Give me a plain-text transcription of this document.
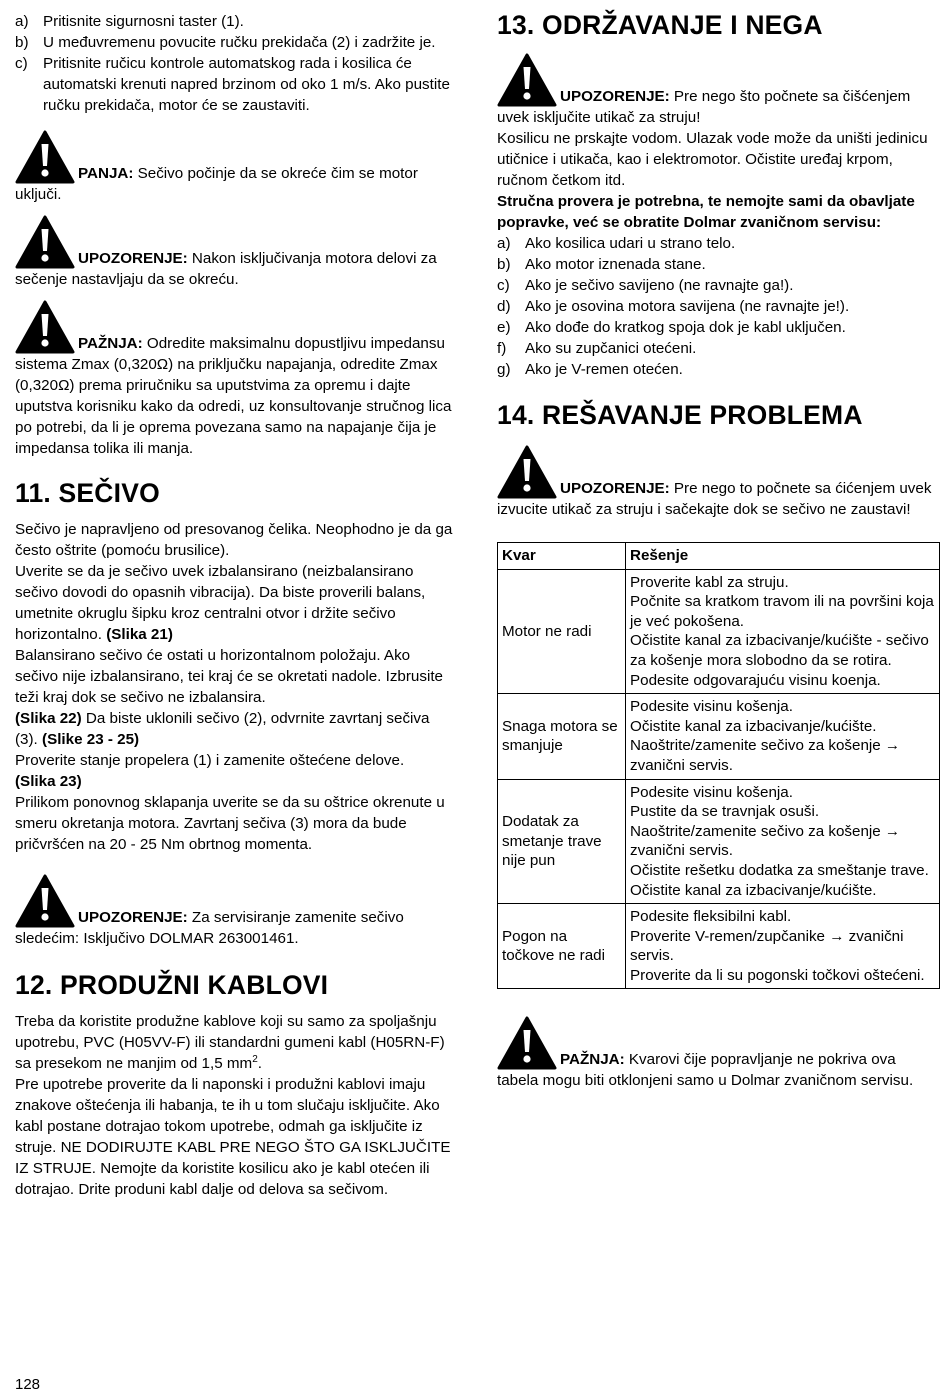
a) Pritisnite sigurnosni taster (1).
b) U međuvremenu povucite ručku prekidača (2) i zadržite je.
c)	Pritisnite ručicu kontrole automatskog rada i kosilica će automatski krenuti napred brzinom od oko 1 m/s. Ako pustite ručku prekidača, motor će se zaustaviti.
PANJA: Sečivo počinje da se okreće čim se motor uključi.
UPOZORENJE: Nakon isključivanja motora delovi za sečenje nastavljaju da se okreću.
PAŽNJA: Odredite maksimalnu dopustljivu impedansu sistema Zmax (0,320Ω) na priključku napajanja, odredite Zmax (0,320Ω) prema priručniku sa uputstvima za opremu i dajte uputstva korisniku kako da odredi, uz konsultovanje stručnog lica po potrebi, da li je oprema povezana samo na napajanje čija je impedansa tolika ili manja.
11. SEČIVO

Sečivo je napravljeno od presovanog čelika. Neophodno je da ga često oštrite (pomoću brusilice).

Uverite se da je sečivo uvek izbalansirano (neizbalansirano sečivo dovodi do opasnih vibracija). Da biste proverili balans, umetnite okruglu šipku kroz centralni otvor i držite sečivo horizontalno. (Slika 21)

Balansirano sečivo će ostati u horizontalnom položaju. Ako sečivo nije izbalansirano, tei kraj će se okretati nadole. Izbrusite teži kraj dok se sečivo ne izbalansira.

(Slika 22) Da biste uklonili sečivo (2), odvrnite zavrtanj sečiva (3). (Slike 23 - 25)

Proverite stanje propelera (1) i zamenite oštećene delove.

(Slika 23)

Prilikom ponovnog sklapanja uverite se da su oštrice okrenute u smeru okretanja motora. Zavrtanj sečiva (3) mora da bude pričvršćen na 20 - 25 Nm obrtnog momenta.

UPOZORENJE: Za servisiranje zamenite sečivo sledećim: Isključivo DOLMAR 263001461.
12. PRODUŽNI KABLOVI

Treba da koristite produžne kablove koji su samo za spoljašnju upotrebu, PVC (H05VV-F) ili standardni gumeni kabl (H05RN-F) sa presekom ne manjim od 1,5 $mm^2$.

Pre upotrebe proverite da li naponski i produžni kablovi imaju znakove oštećenja ili habanja, te ih u tom slučaju isključite. Ako kabl postane dotrajao tokom upotrebe, odmah ga isključite iz struje. NE DODIRUJTE KABL PRE NEGO ŠTO GA ISKLJUČITE IZ STRUJE. Nemojte da koristite kosilicu ako je kabl otećen ili dotrajao. Drite produni kabl dalje od delova sa sečivom.

13. ODRŽAVANJE I NEGA
UPOZORENJE: Pre nego što počnete sa čišćenjem uvek isključite utikač za struju!

Kosilicu ne prskajte vodom. Ulazak vode može da uništi jedinicu utičnice i utikača, kao i elektromotor. Očistite uređaj krpom, ručnom četkom itd.

Stručna provera je potrebna, te nemojte sami da obavljate popravke, već se obratite Dolmar zvaničnom servisu:

a) Ako kosilica udari u strano telo.
b) Ako motor iznenada stane.
c)	Ako je sečivo savijeno (ne ravnajte ga!).
d) Ako je osovina motora savijena (ne ravnajte je!).
e) Ako dođe do kratkog spoja dok je kabl uključen.
f)	Ako su zupčanici otećeni.
g) Ako je V-remen otećen.
14. REŠAVANJE PROBLEMA
UPOZORENJE: Pre nego to počnete sa ćićenjem uvek izvucite utikač za struju i sačekajte dok se sečivo ne zaustavi!
Kvar	Rešenje
Motor ne radi	Proverite kabl za struju.
Počnite sa kratkom travom ili na površini koja je već pokošena.
Očistite kanal za izbacivanje/kućište - sečivo za košenje mora slobodno da se rotira.
Podesite odgovarajuću visinu koenja.

Snaga motora se smanjuje	Podesite visinu košenja.
Očistite kanal za izbacivanje/kućište.
Naoštrite/zamenite sečivo za košenje → zvanični servis.

Dodatak za smetanje trave nije pun	Podesite visinu košenja.
Pustite da se travnjak osuši.
Naoštrite/zamenite sečivo za košenje → zvanični servis.
Očistite rešetku dodatka za smeštanje trave.
Očistite kanal za izbacivanje/kućište.

Pogon na točkove ne radi	Podesite fleksibilni kabl.
Proverite V-remen/zupčanike → zvanični servis.
Proverite da li su pogonski točkovi oštećeni.
PAŽNJA: Kvarovi čije popravljanje ne pokriva ova tabela mogu biti otklonjeni samo u Dolmar zvaničnom servisu.
128
